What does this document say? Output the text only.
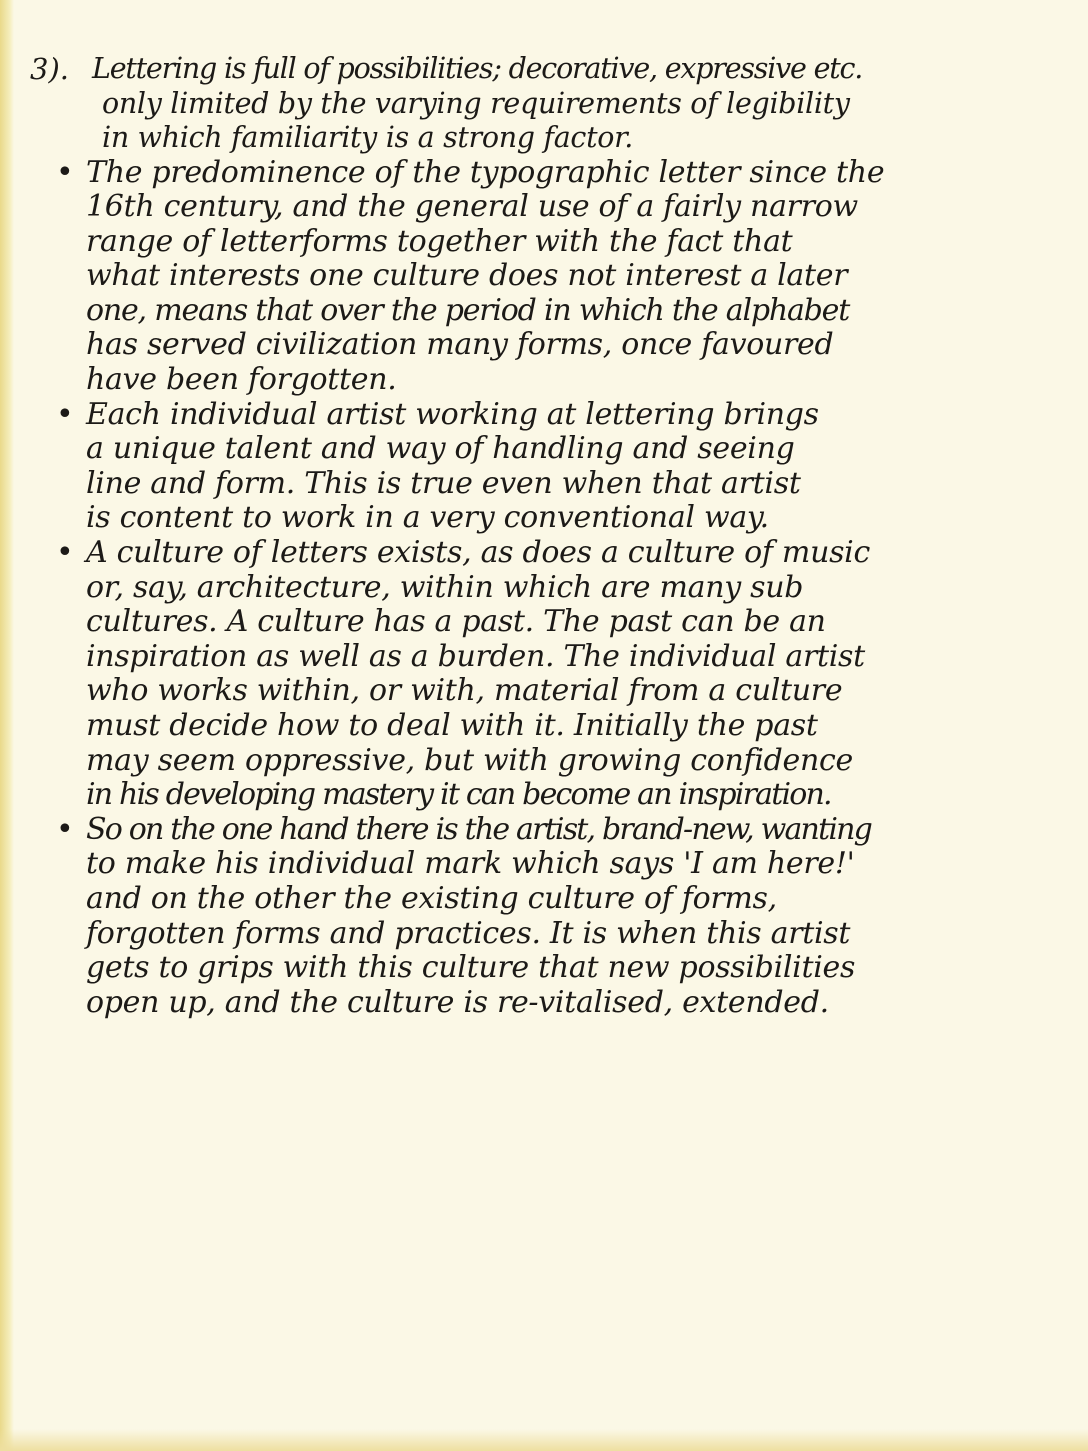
3). Lettering is full of possibilities; decorative, expressive etc.
only limited by the varying requirements of legibility
in which familiarity is a strong factor.
• The predominence of the typographic letter since the
16th century, and the general use of a fairly narrow
range of letterforms together with the fact that
what interests one culture does not interest a later
one, means that over the period in which the alphabet
has served civilization many forms, once favoured
have been forgotten.
• Each individual artist working at lettering brings
a unique talent and way of handling and seeing
line and form. This is true even when that artist
is content to work in a very conventional way.
• A culture of letters exists, as does a culture of music
or, say, architecture, within which are many sub
cultures. A culture has a past. The past can be an
inspiration as well as a burden. The individual artist
who works within, or with, material from a culture
must decide how to deal with it. Initially the past
may seem oppressive, but with growing confidence
in his developing mastery it can become an inspiration.
• So on the one hand there is the artist, brand-new, wanting
to make his individual mark which says 'I am here!'
and on the other the existing culture of forms,
forgotten forms and practices. It is when this artist
gets to grips with this culture that new possibilities
open up, and the culture is re-vitalised, extended.
